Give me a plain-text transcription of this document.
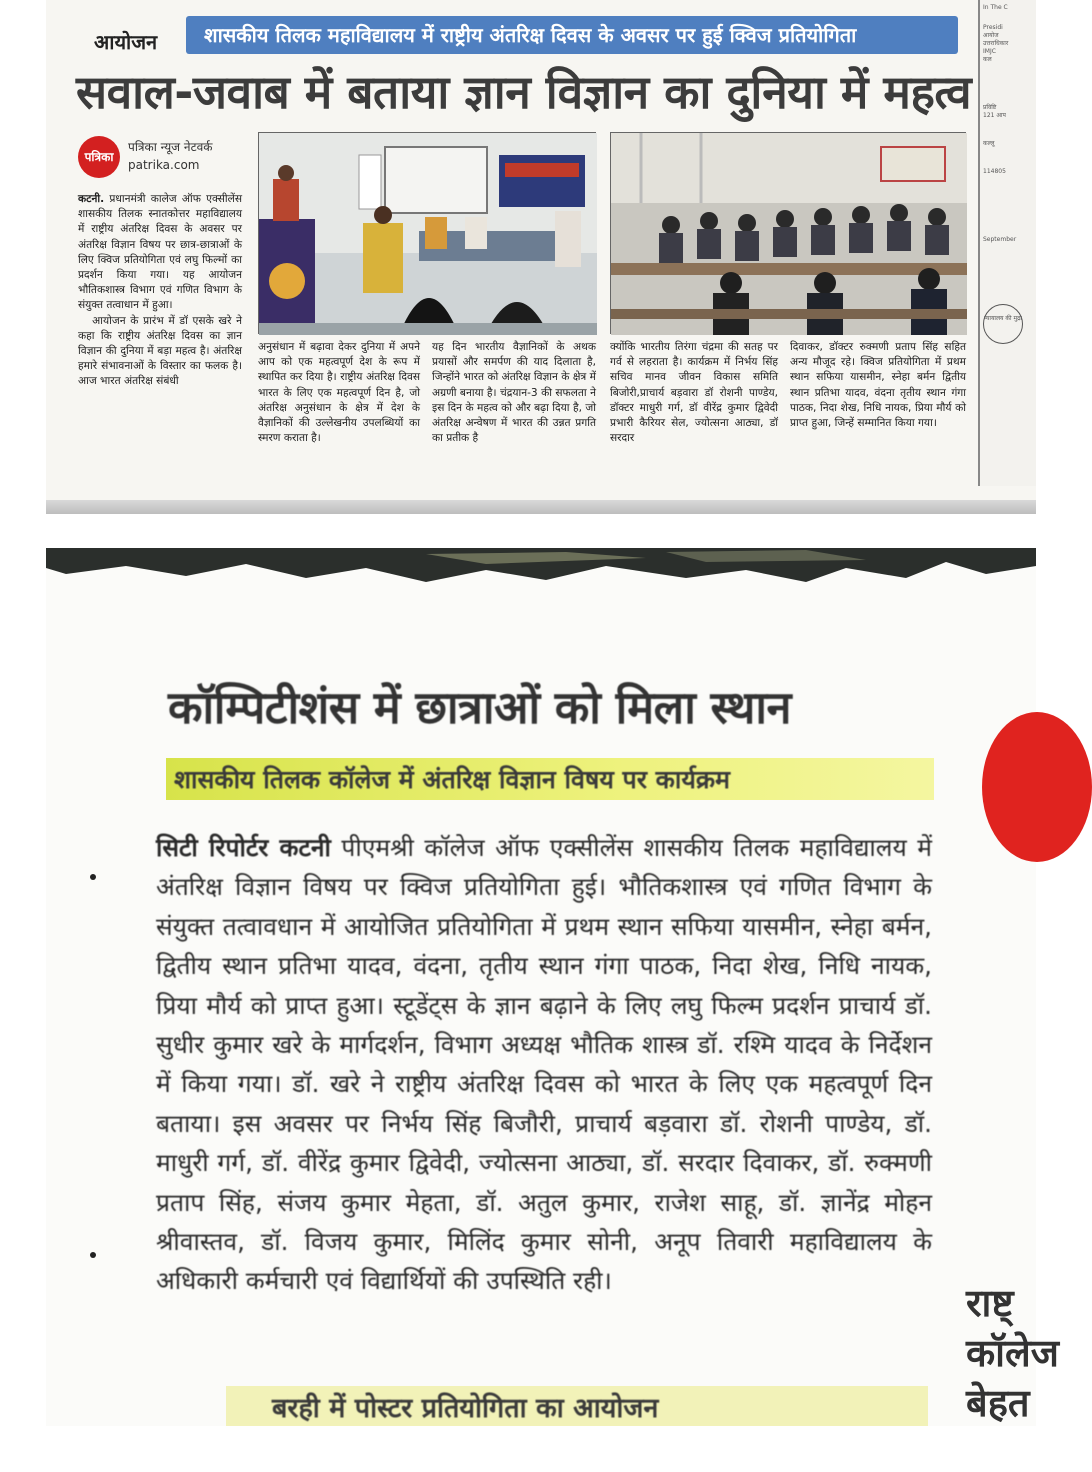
आयोजन	शासकीय तिलक महाविद्यालय में राष्ट्रीय अंतरिक्ष दिवस के अवसर पर हुई क्विज प्रतियोगिता
सवाल-जवाब में बताया ज्ञान विज्ञान का दुनिया में महत्व
पत्रिका
पत्रिका न्यूज नेटवर्क
patrika.com
कटनी. प्रधानमंत्री कालेज ऑफ एक्सीलेंस शासकीय तिलक स्नातकोत्तर महाविद्यालय में राष्ट्रीय अंतरिक्ष दिवस के अवसर पर अंतरिक्ष विज्ञान विषय पर छात्र-छात्राओं के लिए क्विज प्रतियोगिता एवं लघु फिल्मों का प्रदर्शन किया गया। यह आयोजन भौतिकशास्त्र विभाग एवं गणित विभाग के संयुक्त तत्वाधान में हुआ।
आयोजन के प्रारंभ में डॉ एसके खरे ने कहा कि राष्ट्रीय अंतरिक्ष दिवस का ज्ञान विज्ञान की दुनिया में बड़ा महत्व है। अंतरिक्ष हमारे संभावनाओं के विस्तार का फलक है। आज भारत अंतरिक्ष संबंधी
अनुसंधान में बढ़ावा देकर दुनिया में अपने आप को एक महत्वपूर्ण देश के रूप में स्थापित कर दिया है। राष्ट्रीय अंतरिक्ष दिवस भारत के लिए एक महत्वपूर्ण दिन है, जो अंतरिक्ष अनुसंधान के क्षेत्र में देश के वैज्ञानिकों की उल्लेखनीय उपलब्धियों का स्मरण कराता है।
यह दिन भारतीय वैज्ञानिकों के अथक प्रयासों और समर्पण की याद दिलाता है, जिन्होंने भारत को अंतरिक्ष विज्ञान के क्षेत्र में अग्रणी बनाया है। चंद्रयान-3 की सफलता ने इस दिन के महत्व को और बढ़ा दिया है, जो अंतरिक्ष अन्वेषण में भारत की उन्नत प्रगति का प्रतीक है
क्योंकि भारतीय तिरंगा चंद्रमा की सतह पर गर्व से लहराता है। कार्यक्रम में निर्भय सिंह सचिव मानव जीवन विकास समिति बिजोरी,प्राचार्य बड़वारा डॉ रोशनी पाण्डेय, डॉक्टर माधुरी गर्ग, डॉ वीरेंद्र कुमार द्विवेदी प्रभारी कैरियर सेल, ज्योत्सना आठ्या, डॉ सरदार
दिवाकर, डॉक्टर रुक्मणी प्रताप सिंह सहित अन्य मौजूद रहे। क्विज प्रतियोगिता में प्रथम स्थान सफिया यासमीन, स्नेहा बर्मन द्वितीय स्थान प्रतिभा यादव, वंदना तृतीय स्थान गंगा पाठक, निदा शेख, निधि नायक, प्रिया मौर्य को प्राप्त हुआ, जिन्हें सम्मानित किया गया।
In The C
Presidi
आयोज
उत्तराधिकार
IMJC
कल
प्रविष्टि
121 आप
कल्लू
114805
September
न्यायालय की मुद्रा
कॉम्पिटीशंस में छात्राओं को मिला स्थान
शासकीय तिलक कॉलेज में अंतरिक्ष विज्ञान विषय पर कार्यक्रम
सिटी रिपोर्टर कटनी पीएमश्री कॉलेज ऑफ एक्सीलेंस शासकीय तिलक महाविद्यालय में अंतरिक्ष विज्ञान विषय पर क्विज प्रतियोगिता हुई। भौतिकशास्त्र एवं गणित विभाग के संयुक्त तत्वावधान में आयोजित प्रतियोगिता में प्रथम स्थान सफिया यासमीन, स्नेहा बर्मन, द्वितीय स्थान प्रतिभा यादव, वंदना, तृतीय स्थान गंगा पाठक, निदा शेख, निधि नायक, प्रिया मौर्य को प्राप्त हुआ। स्टूडेंट्स के ज्ञान बढ़ाने के लिए लघु फिल्म प्रदर्शन प्राचार्य डॉ. सुधीर कुमार खरे के मार्गदर्शन, विभाग अध्यक्ष भौतिक शास्त्र डॉ. रश्मि यादव के निर्देशन में किया गया। डॉ. खरे ने राष्ट्रीय अंतरिक्ष दिवस को भारत के लिए एक महत्वपूर्ण दिन बताया। इस अवसर पर निर्भय सिंह बिजौरी, प्राचार्य बड़वारा डॉ. रोशनी पाण्डेय, डॉ. माधुरी गर्ग, डॉ. वीरेंद्र कुमार द्विवेदी, ज्योत्सना आठ्या, डॉ. सरदार दिवाकर, डॉ. रुक्मणी प्रताप सिंह, संजय कुमार मेहता, डॉ. अतुल कुमार, राजेश साहू, डॉ. ज्ञानेंद्र मोहन श्रीवास्तव, डॉ. विजय कुमार, मिलिंद कुमार सोनी, अनूप तिवारी महाविद्यालय के अधिकारी कर्मचारी एवं विद्यार्थियों की उपस्थिति रही।
राष्ट्
कॉलेज
बेहत
बरही में पोस्टर प्रतियोगिता का आयोजन
